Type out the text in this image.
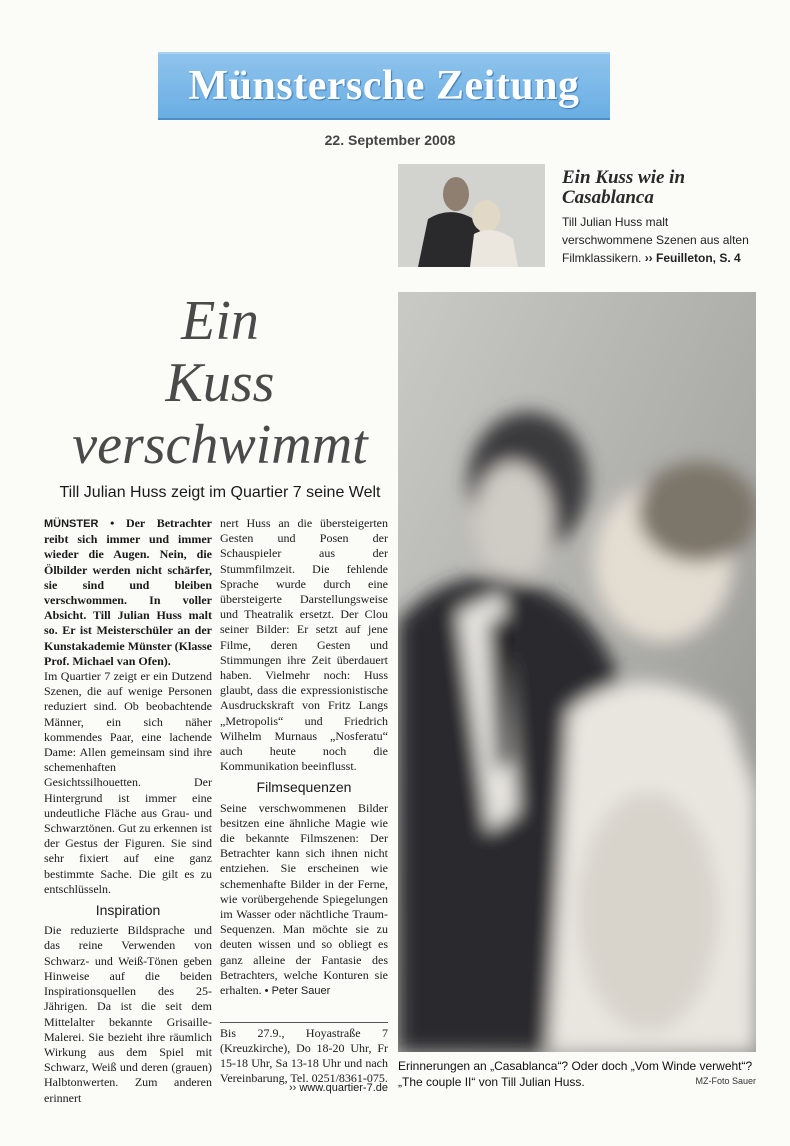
Münstersche Zeitung
22. September 2008
Ein Kuss wie in Casablanca
Till Julian Huss malt verschwommene Szenen aus alten Filmklassikern. ›› Feuilleton, S. 4
Ein
Kuss
verschwimmt
Till Julian Huss zeigt im Quartier 7 seine Welt

MÜNSTER • Der Betrachter reibt sich immer und immer wieder die Augen. Nein, die Ölbilder werden nicht schärfer, sie sind und bleiben verschwommen. In voller Absicht. Till Julian Huss malt so. Er ist Meisterschüler an der Kunstakademie Münster (Klasse Prof. Michael van Ofen).

Im Quartier 7 zeigt er ein Dutzend Szenen, die auf wenige Personen reduziert sind. Ob beobachtende Männer, ein sich näher kommendes Paar, eine lachende Dame: Allen gemeinsam sind ihre schemenhaften Gesichtssilhouetten. Der Hintergrund ist immer eine undeutliche Fläche aus Grau- und Schwarztönen. Gut zu erkennen ist der Gestus der Figuren. Sie sind sehr fixiert auf eine ganz bestimmte Sache. Die gilt es zu entschlüsseln.

Inspiration

Die reduzierte Bildsprache und das reine Verwenden von Schwarz- und Weiß-Tönen geben Hinweise auf die beiden Inspirationsquellen des 25-Jährigen. Da ist die seit dem Mittelalter bekannte Grisaille-Malerei. Sie bezieht ihre räumlich Wirkung aus dem Spiel mit Schwarz, Weiß und deren (grauen) Halbtonwerten. Zum anderen erinnert

nert Huss an die übersteigerten Gesten und Posen der Schauspieler aus der Stummfilmzeit. Die fehlende Sprache wurde durch eine übersteigerte Darstellungsweise und Theatralik ersetzt. Der Clou seiner Bilder: Er setzt auf jene Filme, deren Gesten und Stimmungen ihre Zeit überdauert haben. Vielmehr noch: Huss glaubt, dass die expressionistische Ausdruckskraft von Fritz Langs „Metropolis“ und Friedrich Wilhelm Murnaus „Nosferatu“ auch heute noch die Kommunikation beeinflusst.

Filmsequenzen

Seine verschwommenen Bilder besitzen eine ähnliche Magie wie die bekannte Filmszenen: Der Betrachter kann sich ihnen nicht entziehen. Sie erscheinen wie schemenhafte Bilder in der Ferne, wie vorübergehende Spiegelungen im Wasser oder nächtliche Traum-Sequenzen. Man möchte sie zu deuten wissen und so obliegt es ganz alleine der Fantasie des Betrachters, welche Konturen sie erhalten. • Peter Sauer

Bis 27.9., Hoyastraße 7 (Kreuzkirche), Do 18-20 Uhr, Fr 15-18 Uhr, Sa 13-18 Uhr und nach Vereinbarung, Tel. 0251/8361-075.
›› www.quartier-7.de
Erinnerungen an „Casablanca“? Oder doch „Vom Winde verweht“? „The couple II“ von Till Julian Huss.	MZ-Foto Sauer
